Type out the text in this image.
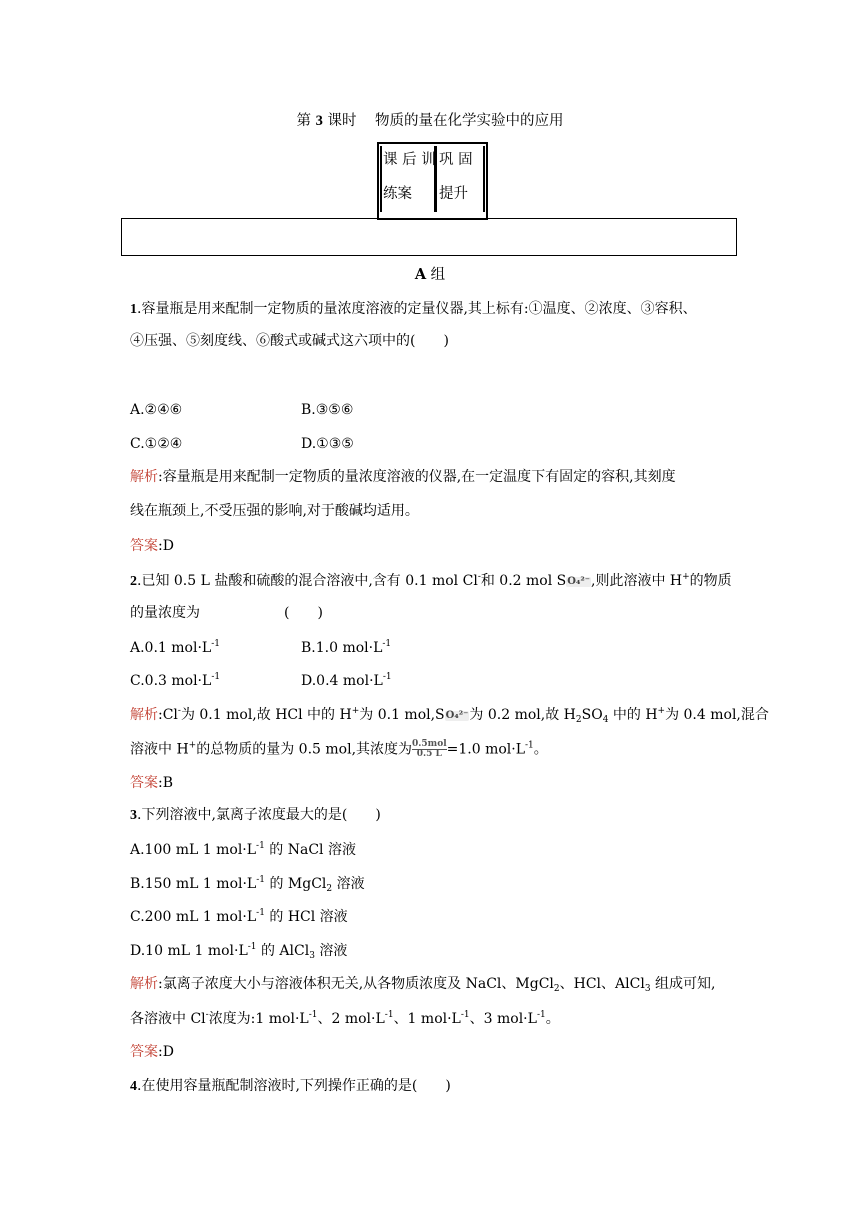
第 3 课时 物质的量在化学实验中的应用
课 后 训
练案
巩 固
提升
A 组
1.容量瓶是用来配制一定物质的量浓度溶液的定量仪器,其上标有:①温度、②浓度、③容积、
④压强、⑤刻度线、⑥酸式或碱式这六项中的(　　)
A.②④⑥	B.③⑤⑥
C.①②④	D.①③⑤
解析:容量瓶是用来配制一定物质的量浓度溶液的仪器,在一定温度下有固定的容积,其刻度
线在瓶颈上,不受压强的影响,对于酸碱均适用。
答案:D
2.已知 0.5 L 盐酸和硫酸的混合溶液中,含有 0.1 mol Cl-和 0.2 mol SO₄²⁻,则此溶液中 H+的物质
的量浓度为　　　　　　(　　)
A.0.1 $mol\cdot L^{-1}$	B.1.0 $mol\cdot L^{-1}$
C.0.3 $mol\cdot L^{-1}$	D.0.4 $mol\cdot L^{-1}$
解析:Cl-为 0.1 mol,故 HCl 中的 H+为 0.1 mol,SO₄²⁻为 0.2 mol,故 $H_2SO_4$ 中的 H+为 0.4 mol,混合
溶液中 H+的总物质的量为 0.5 mol,其浓度为 $\frac{\text{0.5mol}}{0.5 L} =1.0$ $mol\cdot L^{-1}$。
答案:B
3.下列溶液中,氯离子浓度最大的是(　　)
A.100 mL 1 $mol\cdot L^{-1}$ 的 NaCl 溶液
B.150 mL 1 $mol\cdot L^{-1}$ 的 MgCl$_2$ 溶液
C.200 mL 1 $mol\cdot L^{-1}$ 的 HCl 溶液
D.10 mL 1 $mol\cdot L^{-1}$ 的 AlCl$_3$ 溶液
解析:氯离子浓度大小与溶液体积无关,从各物质浓度及 NaCl、MgCl$_2$、HCl、AlCl$_3$ 组成可知,
各溶液中 Cl-浓度为:1 $mol\cdot L^{-1}$、2 $mol\cdot L^{-1}$、1 $mol\cdot L^{-1}$、3 $mol\cdot L^{-1}$。
答案:D
4.在使用容量瓶配制溶液时,下列操作正确的是(　　)
